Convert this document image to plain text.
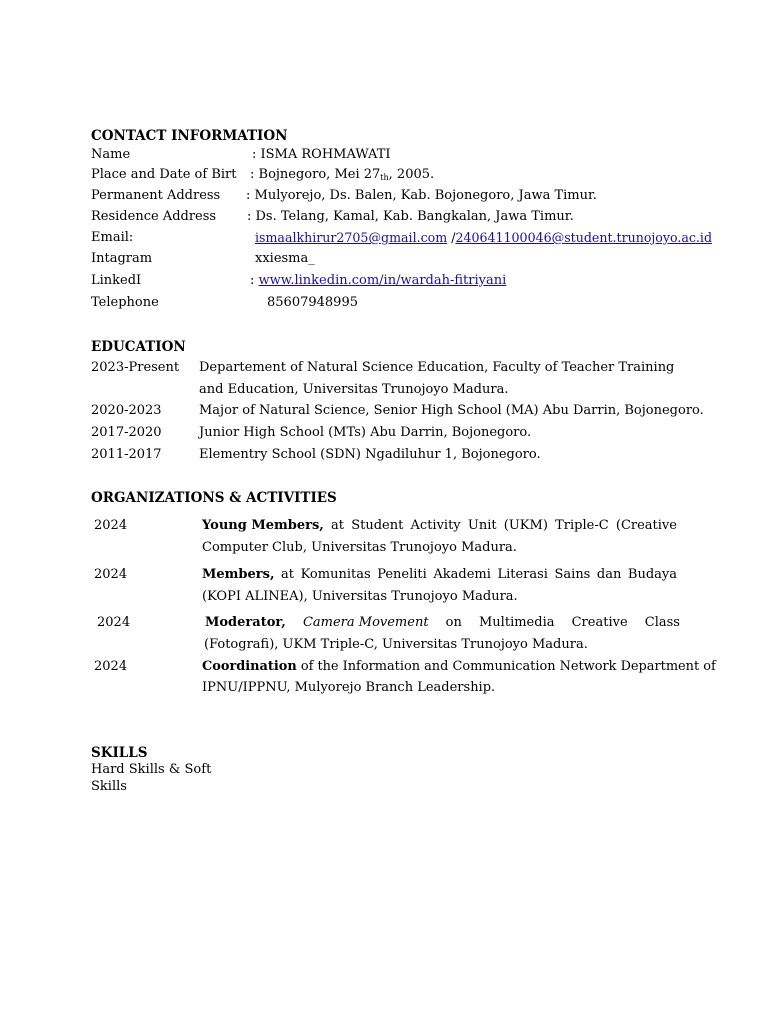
CONTACT INFORMATION
Name	: ISMA ROHMAWATI
Place and Date of Birt : Bojnegoro, Mei $27_{th}$, 2005.
Permanent Address : Mulyorejo, Ds. Balen, Kab. Bojonegoro, Jawa Timur.
Residence Address : Ds. Telang, Kamal, Kab. Bangkalan, Jawa Timur.
Email:	ismaalkhirur2705@gmail.com /240641100046@student.trunojoyo.ac.id
Intagram	xxiesma_
LinkedI	: www.linkedin.com/in/wardah-fitriyani
Telephone	85607948995
EDUCATION
2023-Present Departement of Natural Science Education, Faculty of Teacher Training
and Education, Universitas Trunojoyo Madura.
2020-2023	Major of Natural Science, Senior High School (MA) Abu Darrin, Bojonegoro.
2017-2020	Junior High School (MTs) Abu Darrin, Bojonegoro.
2011-2017	Elementry School (SDN) Ngadiluhur 1, Bojonegoro.
ORGANIZATIONS & ACTIVITIES
2024	Young Members, at Student Activity Unit (UKM) Triple-C (Creative
Computer Club, Universitas Trunojoyo Madura.
2024	Members, at Komunitas Peneliti Akademi Literasi Sains dan Budaya
(KOPI ALINEA), Universitas Trunojoyo Madura.
2024	Moderator, Camera Movement on Multimedia Creative Class
(Fotografi), UKM Triple-C, Universitas Trunojoyo Madura.
2024	Coordination of the Information and Communication Network Department of
IPNU/IPPNU, Mulyorejo Branch Leadership.
SKILLS
Hard Skills & Soft
Skills
